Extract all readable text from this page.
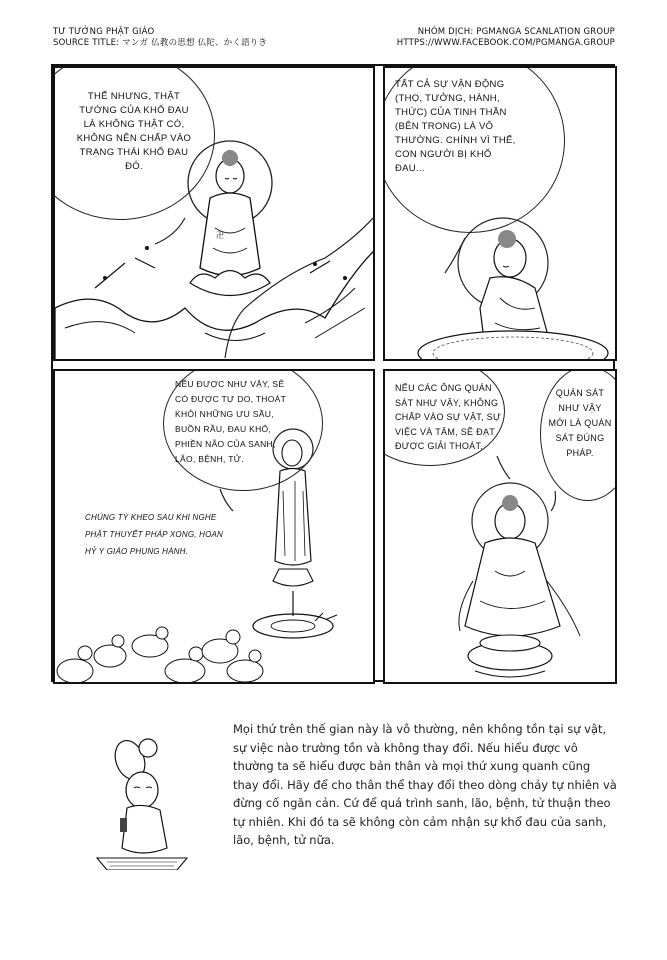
TƯ TƯỞNG PHẬT GIÁO
SOURCE TITLE: マンガ 仏教の思想 仏陀、かく語りき
NHÓM DỊCH: PGMANGA SCANLATION GROUP
HTTPS://WWW.FACEBOOK.COM/PGMANGA.GROUP
卍
THẾ NHƯNG, THẬT TƯỚNG CỦA KHỔ ĐAU LÀ KHÔNG THẬT CÓ, KHÔNG NÊN CHẤP VÀO TRẠNG THÁI KHỔ ĐAU ĐÓ.
TẤT CẢ SỰ VẬN ĐỘNG (THỌ, TƯỞNG, HÀNH, THỨC) CỦA TINH THẦN (BÊN TRONG) LÀ VÔ THƯỜNG. CHÍNH VÌ THẾ, CON NGƯỜI BỊ KHỔ ĐAU...
NẾU ĐƯỢC NHƯ VẬY, SẼ CÓ ĐƯỢC TỰ DO, THOÁT KHỎI NHỮNG ƯU SẦU, BUỒN RẦU, ĐAU KHỔ, PHIỀN NÃO CỦA SANH, LÃO, BỆNH, TỬ.
CHÚNG TỲ KHEO SAU KHI NGHE PHẬT THUYẾT PHÁP XONG, HOAN HỶ Y GIÁO PHỤNG HÀNH.
NẾU CÁC ÔNG QUÁN SÁT NHƯ VẬY, KHÔNG CHẤP VÀO SỰ VẬT, SỰ VIỆC VÀ TÂM, SẼ ĐẠT ĐƯỢC GIẢI THOÁT.
QUÁN SÁT NHƯ VẬY MỚI LÀ QUÁN SÁT ĐÚNG PHÁP.
Mọi thứ trên thế gian này là vô thường, nên không tồn tại sự vật, sự việc nào trường tồn và không thay đổi. Nếu hiểu được vô thường ta sẽ hiểu được bản thân và mọi thứ xung quanh cũng thay đổi. Hãy để cho thân thể thay đổi theo dòng chảy tự nhiên và đừng cố ngăn cản. Cứ để quá trình sanh, lão, bệnh, tử thuận theo tự nhiên. Khi đó ta sẽ không còn cảm nhận sự khổ đau của sanh, lão, bệnh, tử nữa.
